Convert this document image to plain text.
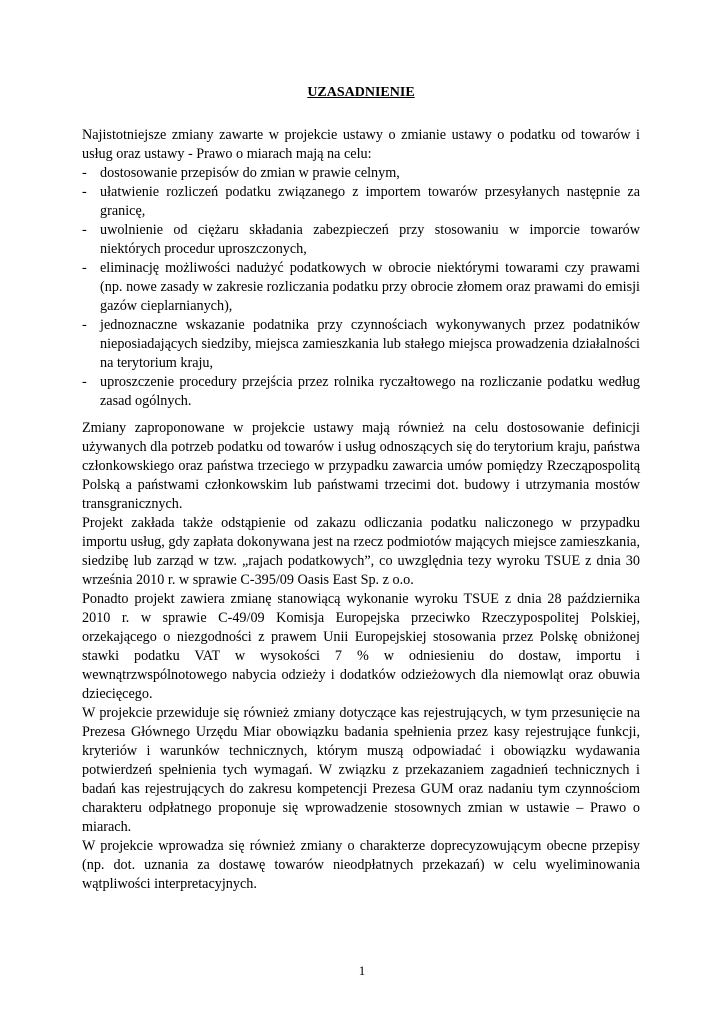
UZASADNIENIE

Najistotniejsze zmiany zawarte w projekcie ustawy o zmianie ustawy o podatku od towarów i usług oraz ustawy - Prawo o miarach mają na celu:

- dostosowanie przepisów do zmian w prawie celnym,
- ułatwienie rozliczeń podatku związanego z importem towarów przesyłanych następnie za granicę,
- uwolnienie od ciężaru składania zabezpieczeń przy stosowaniu w imporcie towarów niektórych procedur uproszczonych,
- eliminację możliwości nadużyć podatkowych w obrocie niektórymi towarami czy prawami (np. nowe zasady w zakresie rozliczania podatku przy obrocie złomem oraz prawami do emisji gazów cieplarnianych),
- jednoznaczne wskazanie podatnika przy czynnościach wykonywanych przez podatników nieposiadających siedziby, miejsca zamieszkania lub stałego miejsca prowadzenia działalności na terytorium kraju,
- uproszczenie procedury przejścia przez rolnika ryczałtowego na rozliczanie podatku według zasad ogólnych.

Zmiany zaproponowane w projekcie ustawy mają również na celu dostosowanie definicji używanych dla potrzeb podatku od towarów i usług odnoszących się do terytorium kraju, państwa członkowskiego oraz państwa trzeciego w przypadku zawarcia umów pomiędzy Rzecząpospolitą Polską a państwami członkowskim lub państwami trzecimi dot. budowy i utrzymania mostów transgranicznych.

Projekt zakłada także odstąpienie od zakazu odliczania podatku naliczonego w przypadku importu usług, gdy zapłata dokonywana jest na rzecz podmiotów mających miejsce zamieszkania, siedzibę lub zarząd w tzw. „rajach podatkowych”, co uwzględnia tezy wyroku TSUE z dnia 30 września 2010 r. w sprawie C-395/09 Oasis East Sp. z o.o.

Ponadto projekt zawiera zmianę stanowiącą wykonanie wyroku TSUE z dnia 28 października 2010 r. w sprawie C-49/09 Komisja Europejska przeciwko Rzeczypospolitej Polskiej, orzekającego o niezgodności z prawem Unii Europejskiej stosowania przez Polskę obniżonej stawki podatku VAT w wysokości 7 % w odniesieniu do dostaw, importu i wewnątrzwspólnotowego nabycia odzieży i dodatków odzieżowych dla niemowląt oraz obuwia dziecięcego.

W projekcie przewiduje się również zmiany dotyczące kas rejestrujących, w tym przesunięcie na Prezesa Głównego Urzędu Miar obowiązku badania spełnienia przez kasy rejestrujące funkcji, kryteriów i warunków technicznych, którym muszą odpowiadać i obowiązku wydawania potwierdzeń spełnienia tych wymagań. W związku z przekazaniem zagadnień technicznych i badań kas rejestrujących do zakresu kompetencji Prezesa GUM oraz nadaniu tym czynnościom charakteru odpłatnego proponuje się wprowadzenie stosownych zmian w ustawie – Prawo o miarach.

W projekcie wprowadza się również zmiany o charakterze doprecyzowującym obecne przepisy (np. dot. uznania za dostawę towarów nieodpłatnych przekazań) w celu wyeliminowania wątpliwości interpretacyjnych.

1
